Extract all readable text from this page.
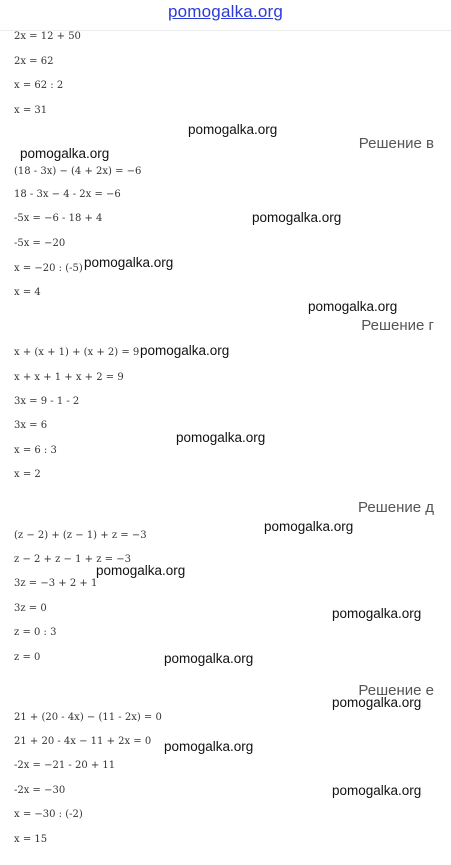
pomogalka.org
2x = 12 + 50
2x = 62
x = 62 : 2
x = 31
Решение в
(18 - 3x) − (4 + 2x) = −6
18 - 3x − 4 - 2x = −6
-5x = −6 - 18 + 4
-5x = −20
x = −20 : (-5)
x = 4
Решение г
x + (x + 1) + (x + 2) = 9
x + x + 1 + x + 2 = 9
3x = 9 - 1 - 2
3x = 6
x = 6 : 3
x = 2
Решение д
(z − 2) + (z − 1) + z = −3
z − 2 + z − 1 + z = −3
3z = −3 + 2 + 1
3z = 0
z = 0 : 3
z = 0
Решение е
21 + (20 - 4x) − (11 - 2x) = 0
21 + 20 - 4x − 11 + 2x = 0
-2x = −21 - 20 + 11
-2x = −30
x = −30 : (-2)
x = 15
pomogalka.org
pomogalka.org
pomogalka.org
pomogalka.org
pomogalka.org
pomogalka.org
pomogalka.org
pomogalka.org
pomogalka.org
pomogalka.org
pomogalka.org
pomogalka.org
pomogalka.org
pomogalka.org
